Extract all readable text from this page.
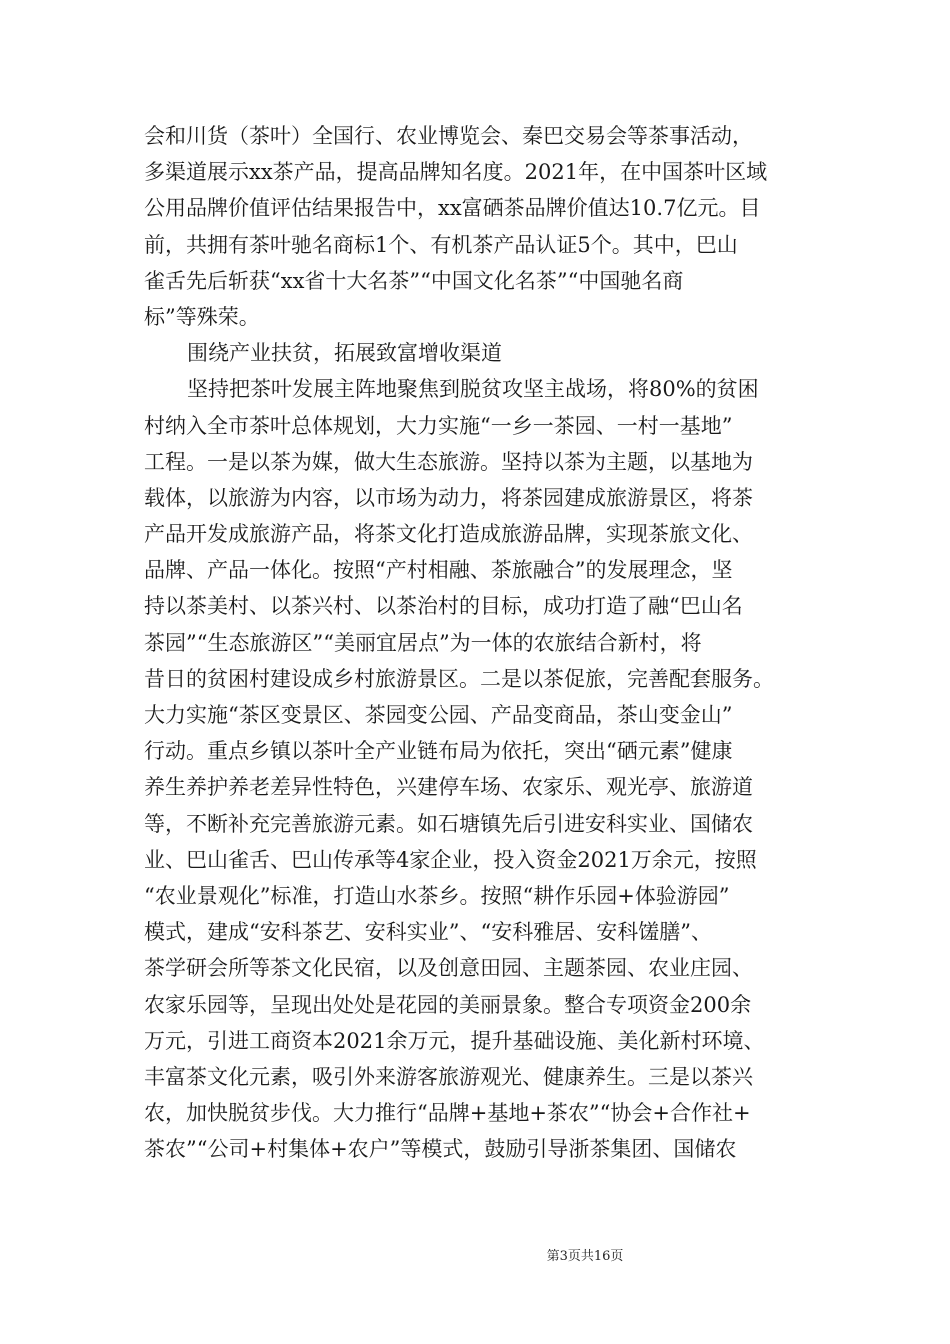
会和川货（茶叶）全国行、农业博览会、秦巴交易会等茶事活动，
多渠道展示xx茶产品，提高品牌知名度。2021年，在中国茶叶区域
公用品牌价值评估结果报告中，xx富硒茶品牌价值达10.7亿元。目
前，共拥有茶叶驰名商标1个、有机茶产品认证5个。其中，巴山
雀舌先后斩获“xx省十大名茶”“中国文化名茶”“中国驰名商
标”等殊荣。
围绕产业扶贫，拓展致富增收渠道
坚持把茶叶发展主阵地聚焦到脱贫攻坚主战场，将80%的贫困
村纳入全市茶叶总体规划，大力实施“一乡一茶园、一村一基地”
工程。一是以茶为媒，做大生态旅游。坚持以茶为主题，以基地为
载体，以旅游为内容，以市场为动力，将茶园建成旅游景区，将茶
产品开发成旅游产品，将茶文化打造成旅游品牌，实现茶旅文化、
品牌、产品一体化。按照“产村相融、茶旅融合”的发展理念，坚
持以茶美村、以茶兴村、以茶治村的目标，成功打造了融“巴山名
茶园”“生态旅游区”“美丽宜居点”为一体的农旅结合新村，将
昔日的贫困村建设成乡村旅游景区。二是以茶促旅，完善配套服务。
大力实施“茶区变景区、茶园变公园、产品变商品，茶山变金山”
行动。重点乡镇以茶叶全产业链布局为依托，突出“硒元素”健康
养生养护养老差异性特色，兴建停车场、农家乐、观光亭、旅游道
等，不断补充完善旅游元素。如石塘镇先后引进安科实业、国储农
业、巴山雀舌、巴山传承等4家企业，投入资金2021万余元，按照
“农业景观化”标准，打造山水茶乡。按照“耕作乐园+体验游园”
模式，建成“安科茶艺、安科实业”、“安科雅居、安科馐膳”、
茶学研会所等茶文化民宿，以及创意田园、主题茶园、农业庄园、
农家乐园等，呈现出处处是花园的美丽景象。整合专项资金200余
万元，引进工商资本2021余万元，提升基础设施、美化新村环境、
丰富茶文化元素，吸引外来游客旅游观光、健康养生。三是以茶兴
农，加快脱贫步伐。大力推行“品牌+基地+茶农”“协会+合作社+
茶农”“公司+村集体+农户”等模式，鼓励引导浙茶集团、国储农
第3页共16页
